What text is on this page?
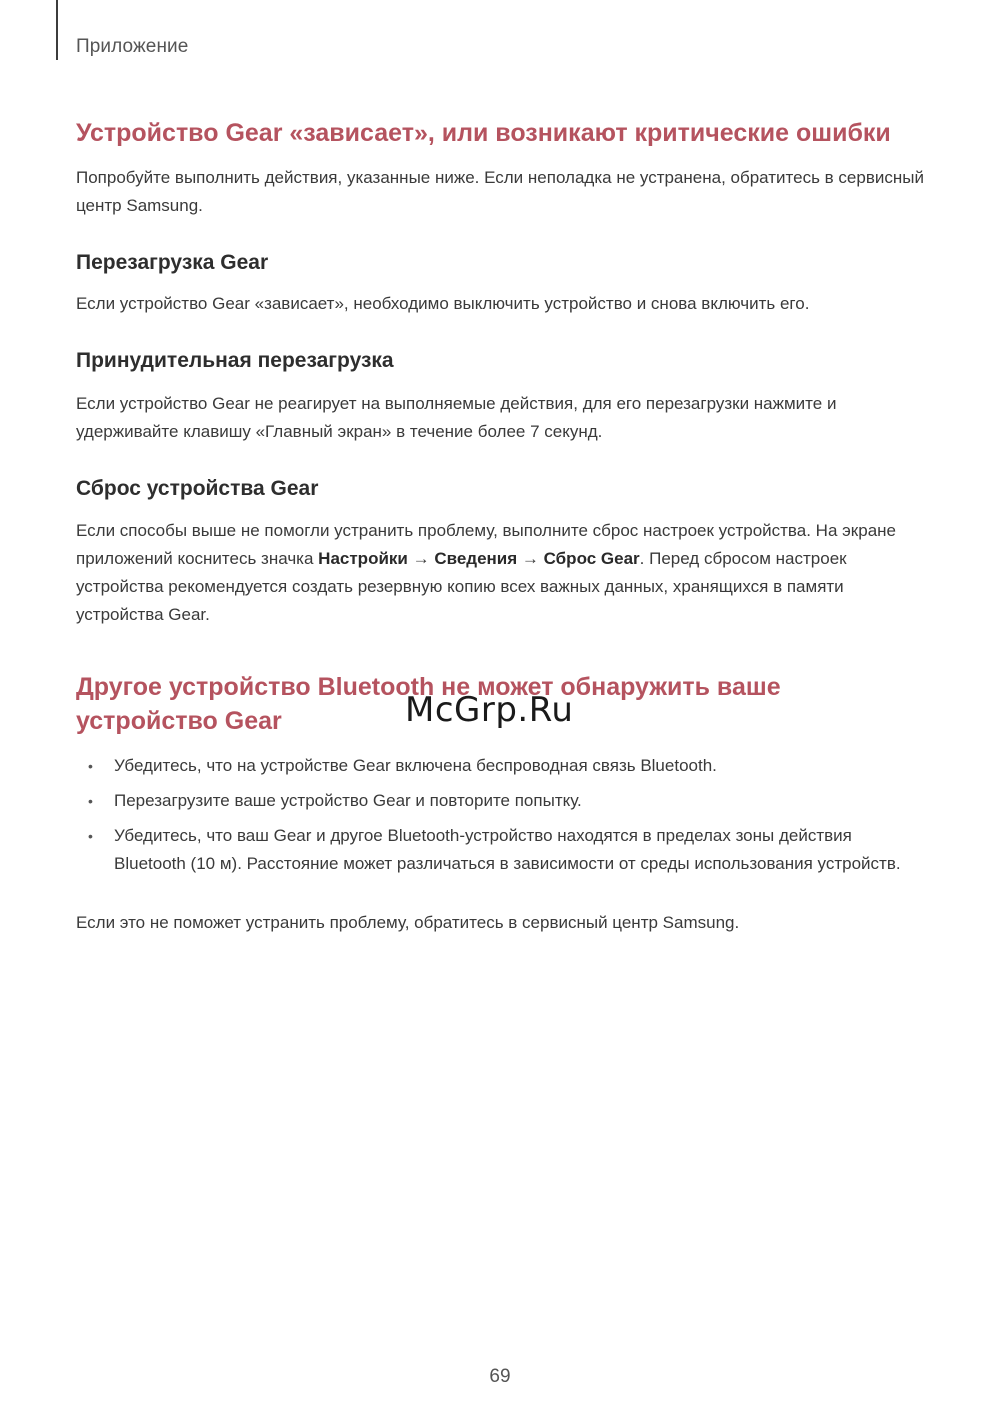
Приложение
Устройство Gear «зависает», или возникают критические ошибки
Попробуйте выполнить действия, указанные ниже. Если неполадка не устранена, обратитесь в сервисный центр Samsung.
Перезагрузка Gear
Если устройство Gear «зависает», необходимо выключить устройство и снова включить его.
Принудительная перезагрузка
Если устройство Gear не реагирует на выполняемые действия, для его перезагрузки нажмите и удерживайте клавишу «Главный экран» в течение более 7 секунд.
Сброс устройства Gear
Если способы выше не помогли устранить проблему, выполните сброс настроек устройства. На экране приложений коснитесь значка Настройки → Сведения → Сброс Gear. Перед сбросом настроек устройства рекомендуется создать резервную копию всех важных данных, хранящихся в памяти устройства Gear.
Другое устройство Bluetooth не может обнаружить ваше устройство Gear
• Убедитесь, что на устройстве Gear включена беспроводная связь Bluetooth.
• Перезагрузите ваше устройство Gear и повторите попытку.
• Убедитесь, что ваш Gear и другое Bluetooth-устройство находятся в пределах зоны действия Bluetooth (10 м). Расстояние может различаться в зависимости от среды использования устройств.
Если это не поможет устранить проблему, обратитесь в сервисный центр Samsung.
McGrp.Ru
69
